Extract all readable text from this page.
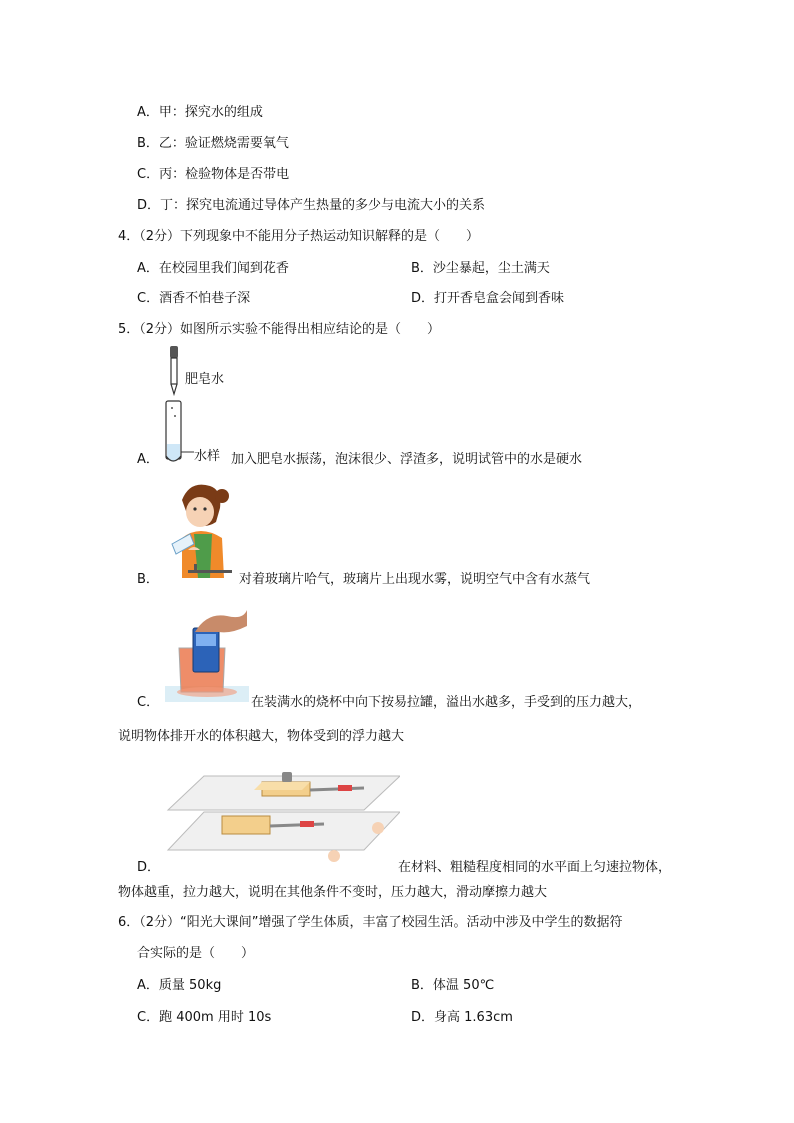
A．甲：探究水的组成
B．乙：验证燃烧需要氧气
C．丙：检验物体是否带电
D．丁：探究电流通过导体产生热量的多少与电流大小的关系
4．（2分）下列现象中不能用分子热运动知识解释的是（　　）
A．在校园里我们闻到花香	B．沙尘暴起，尘土满天
C．酒香不怕巷子深	D．打开香皂盒会闻到香味
5．（2分）如图所示实验不能得出相应结论的是（　　）
肥皂水
A．	水样 加入肥皂水振荡，泡沫很少、浮渣多，说明试管中的水是硬水
B．	对着玻璃片哈气，玻璃片上出现水雾，说明空气中含有水蒸气
C．	在装满水的烧杯中向下按易拉罐，溢出水越多，手受到的压力越大，
说明物体排开水的体积越大，物体受到的浮力越大
D．	在材料、粗糙程度相同的水平面上匀速拉物体，
物体越重，拉力越大，说明在其他条件不变时，压力越大，滑动摩擦力越大
6．（2分）“阳光大课间”增强了学生体质，丰富了校园生活。活动中涉及中学生的数据符
合实际的是（　　）
A．质量 50kg	B．体温 50℃
C．跑 400m 用时 10s	D．身高 1.63cm
